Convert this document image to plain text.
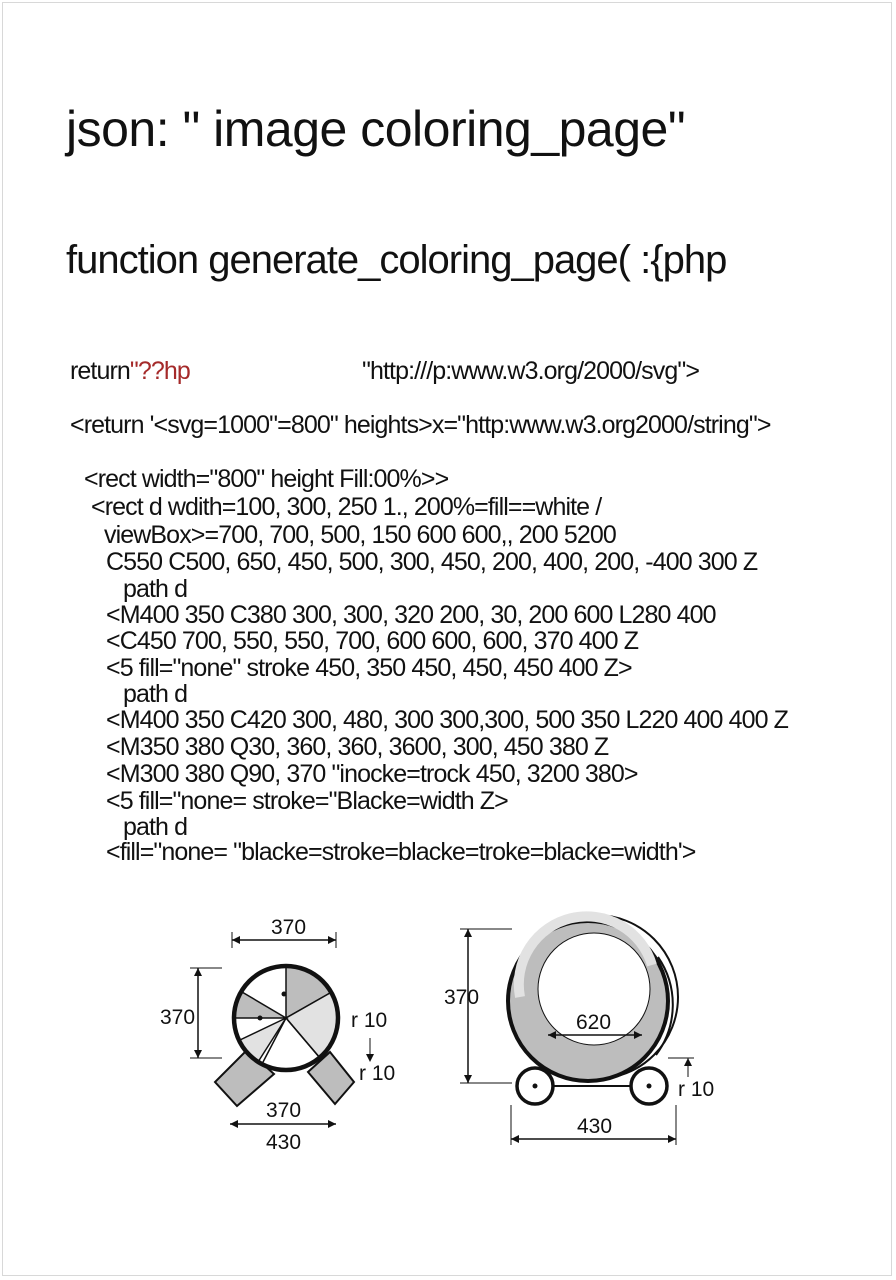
json: " image coloring_page"
function generate_coloring_page( :{php
return"??hp	"http:///p:www.w3.org/2000/svg">
<return '<svg=1000"=800" heights>x="http:www.w3.org2000/string">
<rect width="800" height Fill:00%>>
<rect d wdith=100, 300, 250 1., 200%=fill==white /
viewBox>=700, 700, 500, 150 600 600,, 200 5200
C550 C500, 650, 450, 500, 300, 450, 200, 400, 200, -400 300 Z
path d
<M400 350 C380 300, 300, 320 200, 30, 200 600 L280 400
<C450 700, 550, 550, 700, 600 600, 600, 370 400 Z
<5 fill="none" stroke 450, 350 450, 450, 450 400 Z>
path d
<M400 350 C420 300, 480, 300 300,300, 500 350 L220 400 400 Z
<M350 380 Q30, 360, 360, 3600, 300, 450 380 Z
<M300 380 Q90, 370 "inocke=trock 450, 3200 380>
<5 fill="none= stroke="Blacke=width Z>
path d
<fill="none= "blacke=stroke=blacke=troke=blacke=width'>
370
370	r 10
r 10
370
430
370
620
r 10
430
